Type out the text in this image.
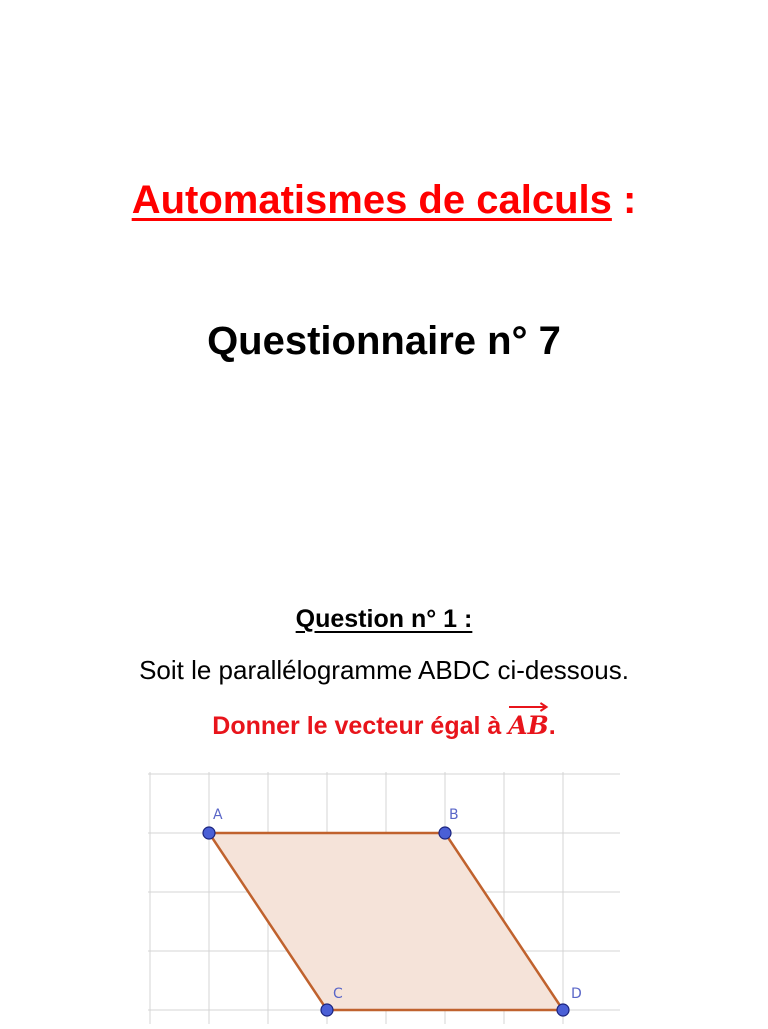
Automatismes de calculs :
Questionnaire n° 7
Question n° 1 :
Soit le parallélogramme ABDC ci-dessous.
Donner le vecteur égal à
AB.
A	B
C	D
